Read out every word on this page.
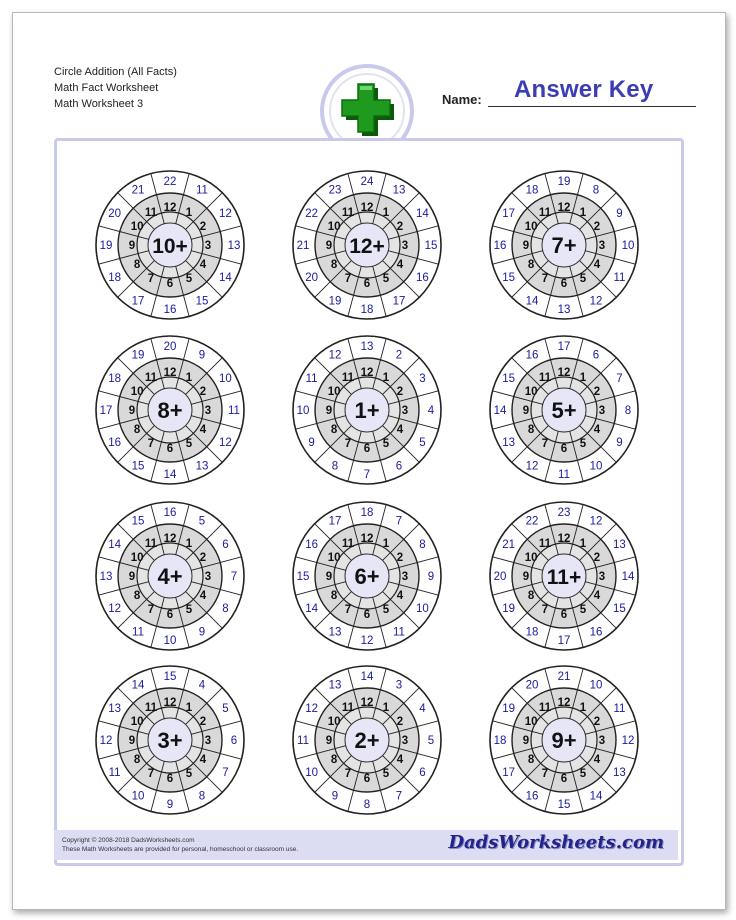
Circle Addition (All Facts)
Math Fact Worksheet
Math Worksheet 3	Name: Answer Key
1
2
3
4
5
6
7
8
9
10
11 12
11
12
13
14
15
16
17
18
19
20
21
22
10+
1
2
3
4
5
6
7
8
9
10
11 12
13
14
15
16
17
18
19
20
21
22
23
24
12+
1
2
3
4
5
6
7
8
9
10
11 12
8
9
10
11
12
13
14
15
16
17
18
19
7+
1
2
3
4
5
6
7
8
9
10
11 12
9
10
11
12
13
14
15
16
17
18
19
20
8+
1
2
3
4
5
6
7
8
9
10
11 12
2
3
4
5
6
7
8
9
10
11
12
13
1+
1
2
3
4
5
6
7
8
9
10
11 12
6
7
8
9
10
11
12
13
14
15
16
17
5+
1
2
3
4
5
6
7
8
9
10
11 12
5
6
7
8
9
10
11
12
13
14
15
16
4+
1
2
3
4
5
6
7
8
9
10
11 12
7
8
9
10
11
12
13
14
15
16
17
18
6+
1
2
3
4
5
6
7
8
9
10
11 12
12
13
14
15
16
17
18
19
20
21
22
23
11+
1
2
3
4
5
6
7
8
9
10
11 12
4
5
6
7
8
9
10
11
12
13
14
15
3+
1
2
3
4
5
6
7
8
9
10
11 12
3
4
5
6
7
8
9
10
11
12
13
14
2+
1
2
3
4
5
6
7
8
9
10
11 12
10
11
12
13
14
15
16
17
18
19
20
21
9+
Copyright © 2008-2018 DadsWorksheets.com
These Math Worksheets are provided for personal, homeschool or classroom use.	DadsWorksheets.com
